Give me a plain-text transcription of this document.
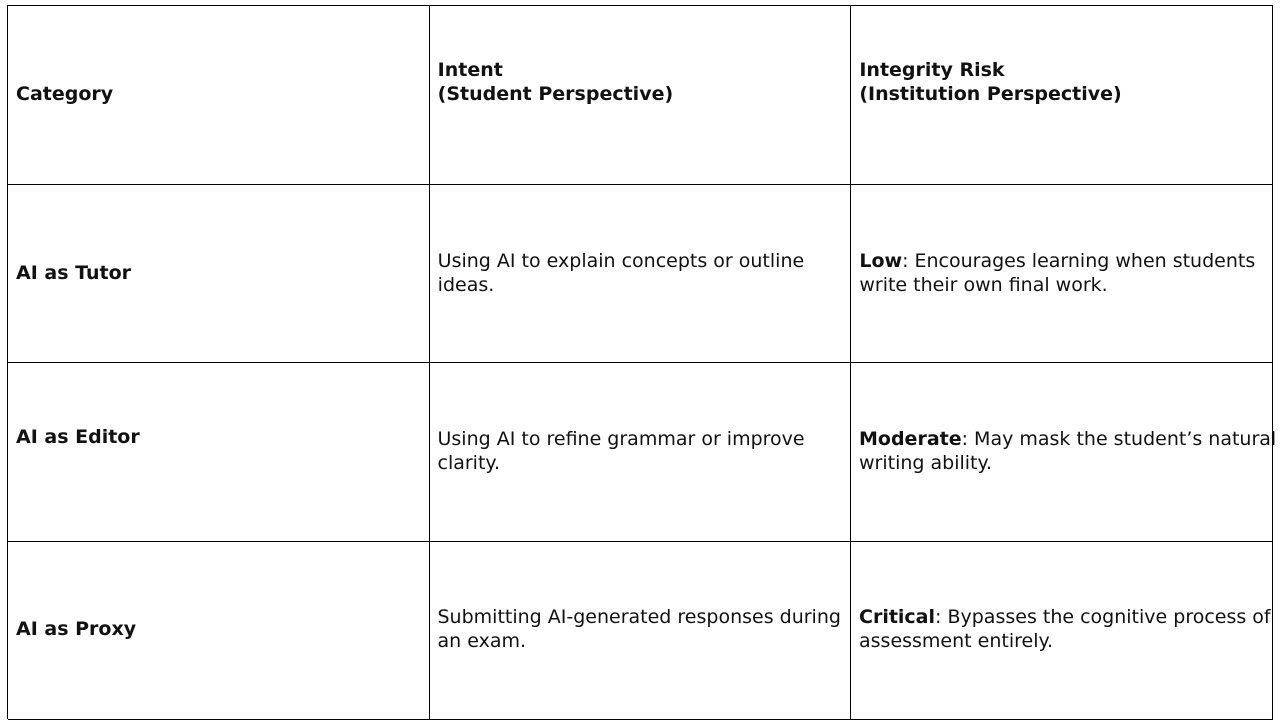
Category
Intent
(Student Perspective)
Integrity Risk
(Institution Perspective)
AI as Tutor
Using AI to explain concepts or outline
ideas.
Low: Encourages learning when students
write their own final work.
AI as Editor	Using AI to refine grammar or improve
clarity.
Moderate: May mask the student’s natural
writing ability.
AI as Proxy
Submitting AI-generated responses during
an exam.
Critical: Bypasses the cognitive process of
assessment entirely.
